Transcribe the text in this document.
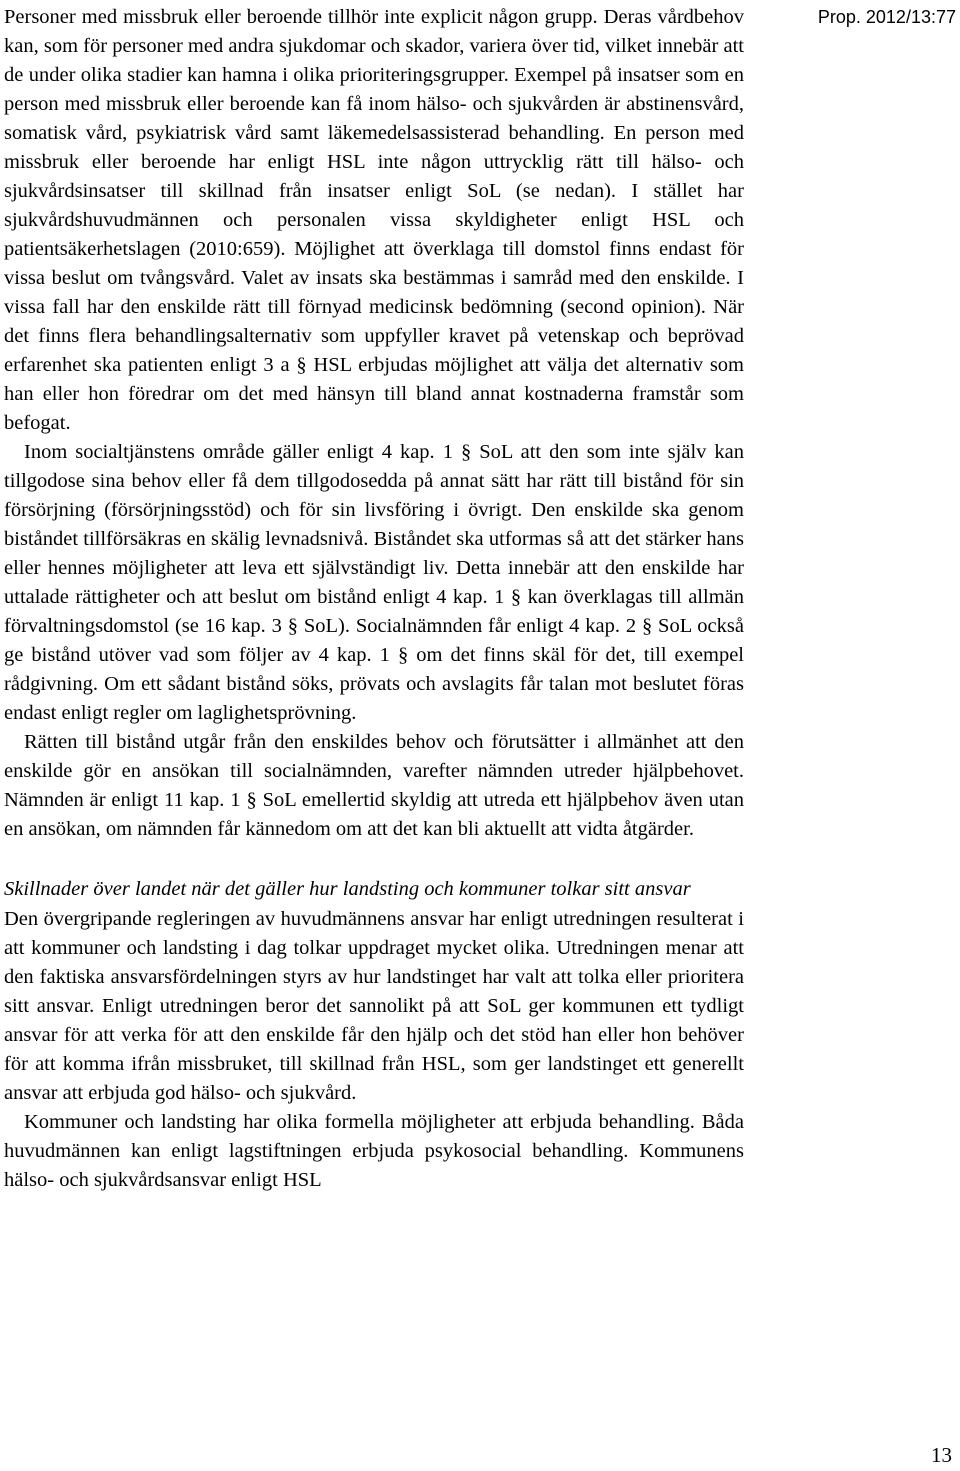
Prop. 2012/13:77

Personer med missbruk eller beroende tillhör inte explicit någon grupp. Deras vårdbehov kan, som för personer med andra sjukdomar och skador, variera över tid, vilket innebär att de under olika stadier kan hamna i olika prioriteringsgrupper. Exempel på insatser som en person med missbruk eller beroende kan få inom hälso- och sjukvården är abstinensvård, somatisk vård, psykiatrisk vård samt läkemedelsassisterad behandling. En person med missbruk eller beroende har enligt HSL inte någon uttrycklig rätt till hälso- och sjukvårdsinsatser till skillnad från insatser enligt SoL (se nedan). I stället har sjukvårdshuvudmännen och personalen vissa skyldigheter enligt HSL och patientsäkerhetslagen (2010:659). Möjlighet att överklaga till domstol finns endast för vissa beslut om tvångsvård. Valet av insats ska bestämmas i samråd med den enskilde. I vissa fall har den enskilde rätt till förnyad medicinsk bedömning (second opinion). När det finns flera behandlingsalternativ som uppfyller kravet på vetenskap och beprövad erfarenhet ska patienten enligt 3 a § HSL erbjudas möjlighet att välja det alternativ som han eller hon föredrar om det med hänsyn till bland annat kostnaderna framstår som befogat.

Inom socialtjänstens område gäller enligt 4 kap. 1 § SoL att den som inte själv kan tillgodose sina behov eller få dem tillgodosedda på annat sätt har rätt till bistånd för sin försörjning (försörjningsstöd) och för sin livsföring i övrigt. Den enskilde ska genom biståndet tillförsäkras en skälig levnadsnivå. Biståndet ska utformas så att det stärker hans eller hennes möjligheter att leva ett självständigt liv. Detta innebär att den enskilde har uttalade rättigheter och att beslut om bistånd enligt 4 kap. 1 § kan överklagas till allmän förvaltningsdomstol (se 16 kap. 3 § SoL). Socialnämnden får enligt 4 kap. 2 § SoL också ge bistånd utöver vad som följer av 4 kap. 1 § om det finns skäl för det, till exempel rådgivning. Om ett sådant bistånd söks, prövats och avslagits får talan mot beslutet föras endast enligt regler om laglighetsprövning.

Rätten till bistånd utgår från den enskildes behov och förutsätter i allmänhet att den enskilde gör en ansökan till socialnämnden, varefter nämnden utreder hjälpbehovet. Nämnden är enligt 11 kap. 1 § SoL emellertid skyldig att utreda ett hjälpbehov även utan en ansökan, om nämnden får kännedom om att det kan bli aktuellt att vidta åtgärder.

Skillnader över landet när det gäller hur landsting och kommuner tolkar sitt ansvar

Den övergripande regleringen av huvudmännens ansvar har enligt utredningen resulterat i att kommuner och landsting i dag tolkar uppdraget mycket olika. Utredningen menar att den faktiska ansvarsfördelningen styrs av hur landstinget har valt att tolka eller prioritera sitt ansvar. Enligt utredningen beror det sannolikt på att SoL ger kommunen ett tydligt ansvar för att verka för att den enskilde får den hjälp och det stöd han eller hon behöver för att komma ifrån missbruket, till skillnad från HSL, som ger landstinget ett generellt ansvar att erbjuda god hälso- och sjukvård.

Kommuner och landsting har olika formella möjligheter att erbjuda behandling. Båda huvudmännen kan enligt lagstiftningen erbjuda psykosocial behandling. Kommunens hälso- och sjukvårdsansvar enligt HSL

13
